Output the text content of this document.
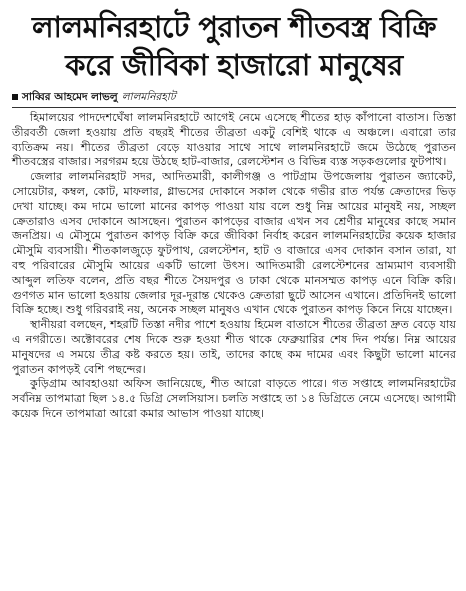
লালমনিরহাটে পুরাতন শীতবস্ত্র বিক্রি
করে জীবিকা হাজারো মানুষের
সাব্বির আহমেদ লাভলু লালমনিরহাট

হিমালয়ের পাদদেশঘেঁষা লালমনিরহাটে আগেই নেমে এসেছে শীতের হাড় কাঁপানো বাতাস। তিস্তা তীরবর্তী জেলা হওয়ায় প্রতি বছরই শীতের তীব্রতা একটু বেশিই থাকে এ অঞ্চলে। এবারো তার ব্যতিক্রম নয়। শীতের তীব্রতা বেড়ে যাওয়ার সাথে সাথে লালমনিরহাটে জমে উঠেছে পুরাতন শীতবস্ত্রের বাজার। সরগরম হয়ে উঠছে হাট-বাজার, রেলস্টেশন ও বিভিন্ন ব্যস্ত সড়কগুলোর ফুটপাথ।

জেলার লালমনিরহাট সদর, আদিতমারী, কালীগঞ্জ ও পাটগ্রাম উপজেলায় পুরাতন জ্যাকেট, সোয়েটার, কম্বল, কোট, মাফলার, গ্লাভসের দোকানে সকাল থেকে গভীর রাত পর্যন্ত ক্রেতাদের ভিড় দেখা যাচ্ছে। কম দামে ভালো মানের কাপড় পাওয়া যায় বলে শুধু নিম্ন আয়ের মানুষই নয়, সচ্ছল ক্রেতারাও এসব দোকানে আসছেন। পুরাতন কাপড়ের বাজার এখন সব শ্রেণীর মানুষের কাছে সমান জনপ্রিয়। এ মৌসুমে পুরাতন কাপড় বিক্রি করে জীবিকা নির্বাহ করেন লালমনিরহাটের কয়েক হাজার মৌসুমি ব্যবসায়ী। শীতকালজুড়ে ফুটপাথ, রেলস্টেশন, হাট ও বাজারে এসব দোকান বসান তারা, যা বহু পরিবারের মৌসুমি আয়ের একটি ভালো উৎস। আদিতমারী রেলস্টেশনের ভ্রাম্যমাণ ব্যবসায়ী আব্দুল লতিফ বলেন, প্রতি বছর শীতে সৈয়দপুর ও ঢাকা থেকে মানসম্মত কাপড় এনে বিক্রি করি। গুণগত মান ভালো হওয়ায় জেলার দূর-দূরান্ত থেকেও ক্রেতারা ছুটে আসেন এখানে। প্রতিদিনই ভালো বিক্রি হচ্ছে। শুধু গরিবরাই নয়, অনেক সচ্ছল মানুষও এখান থেকে পুরাতন কাপড় কিনে নিয়ে যাচ্ছেন।

স্থানীয়রা বলছেন, শহরটি তিস্তা নদীর পাশে হওয়ায় হিমেল বাতাসে শীতের তীব্রতা দ্রুত বেড়ে যায় এ নগরীতে। অক্টোবরের শেষ দিকে শুরু হওয়া শীত থাকে ফেব্রুয়ারির শেষ দিন পর্যন্ত। নিম্ন আয়ের মানুষদের এ সময়ে তীব্র কষ্ট করতে হয়। তাই, তাদের কাছে কম দামের এবং কিছুটা ভালো মানের পুরাতন কাপড়ই বেশি পছন্দের।

কুড়িগ্রাম আবহাওয়া অফিস জানিয়েছে, শীত আরো বাড়তে পারে। গত সপ্তাহে লালমনিরহাটের সর্বনিম্ন তাপমাত্রা ছিল ১৪.৫ ডিগ্রি সেলসিয়াস। চলতি সপ্তাহে তা ১৪ ডিগ্রিতে নেমে এসেছে। আগামী কয়েক দিনে তাপমাত্রা আরো কমার আভাস পাওয়া যাচ্ছে।
